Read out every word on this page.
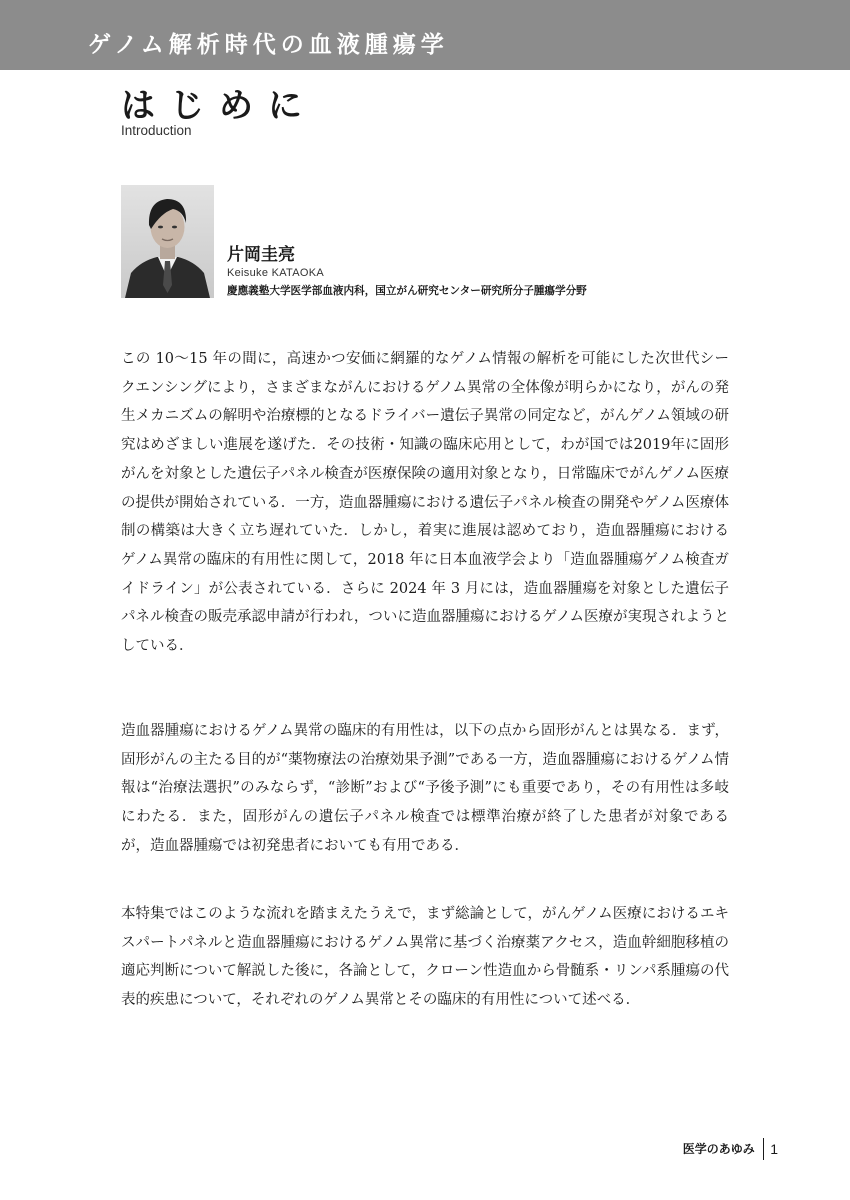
ゲノム解析時代の血液腫瘍学
はじめに
Introduction
片岡圭亮
Keisuke KATAOKA
慶應義塾大学医学部血液内科，国立がん研究センター研究所分子腫瘍学分野

この 10～15 年の間に，高速かつ安価に網羅的なゲノム情報の解析を可能にした次世代シークエンシングにより，さまざまながんにおけるゲノム異常の全体像が明らかになり，がんの発生メカニズムの解明や治療標的となるドライバー遺伝子異常の同定など，がんゲノム領域の研究はめざましい進展を遂げた．その技術・知識の臨床応用として，わが国では2019年に固形がんを対象とした遺伝子パネル検査が医療保険の適用対象となり，日常臨床でがんゲノム医療の提供が開始されている．一方，造血器腫瘍における遺伝子パネル検査の開発やゲノム医療体制の構築は大きく立ち遅れていた．しかし，着実に進展は認めており，造血器腫瘍におけるゲノム異常の臨床的有用性に関して，2018 年に日本血液学会より「造血器腫瘍ゲノム検査ガイドライン」が公表されている．さらに 2024 年 3 月には，造血器腫瘍を対象とした遺伝子パネル検査の販売承認申請が行われ，ついに造血器腫瘍におけるゲノム医療が実現されようとしている．

造血器腫瘍におけるゲノム異常の臨床的有用性は，以下の点から固形がんとは異なる．まず，固形がんの主たる目的が“薬物療法の治療効果予測”である一方，造血器腫瘍におけるゲノム情報は“治療法選択”のみならず，“診断”および“予後予測”にも重要であり，その有用性は多岐にわたる．また，固形がんの遺伝子パネル検査では標準治療が終了した患者が対象であるが，造血器腫瘍では初発患者においても有用である．

本特集ではこのような流れを踏まえたうえで，まず総論として，がんゲノム医療におけるエキスパートパネルと造血器腫瘍におけるゲノム異常に基づく治療薬アクセス，造血幹細胞移植の適応判断について解説した後に，各論として，クローン性造血から骨髄系・リンパ系腫瘍の代表的疾患について，それぞれのゲノム異常とその臨床的有用性について述べる．

医学のあゆみ 1
